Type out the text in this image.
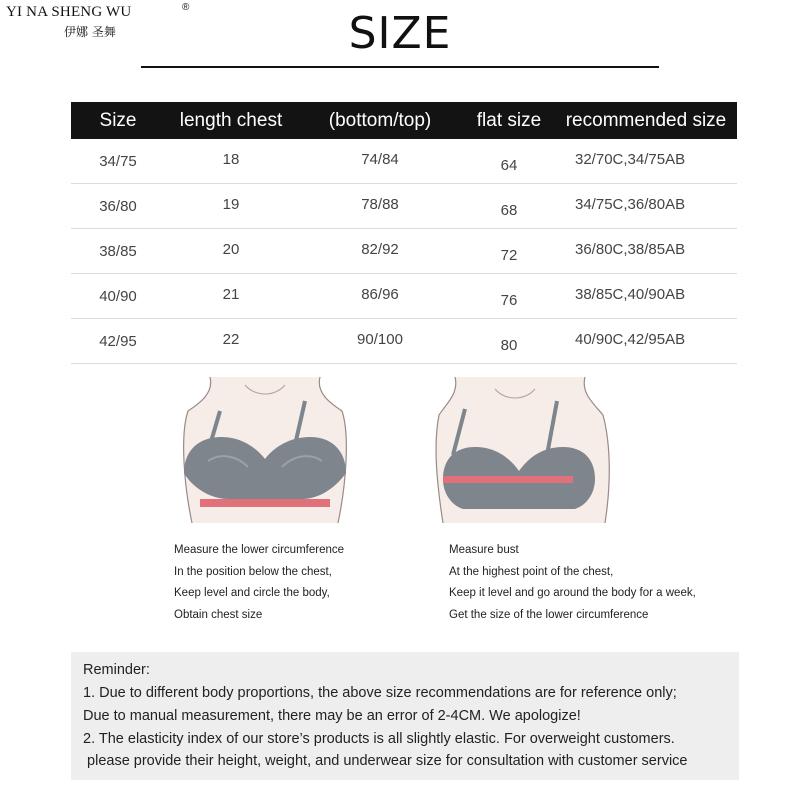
YI NA SHENG WU	®
伊娜 圣舞	SIZE
Size	length chest	(bottom/top)	flat size	recommended size
34/75	18	74/84	64	32/70C,34/75AB
36/80	19	78/88	68	34/75C,36/80AB
38/85	20	82/92	72	36/80C,38/85AB
40/90	21	86/96	76	38/85C,40/90AB
42/95	22	90/100	80	40/90C,42/95AB
Measure the lower circumference
In the position below the chest,
Keep level and circle the body,
Obtain chest size
Measure bust
At the highest point of the chest,
Keep it level and go around the body for a week,
Get the size of the lower circumference
Reminder:
1. Due to different body proportions, the above size recommendations are for reference only;
Due to manual measurement, there may be an error of 2-4CM. We apologize!
2. The elasticity index of our store’s products is all slightly elastic. For overweight customers.
please provide their height, weight, and underwear size for consultation with customer service
